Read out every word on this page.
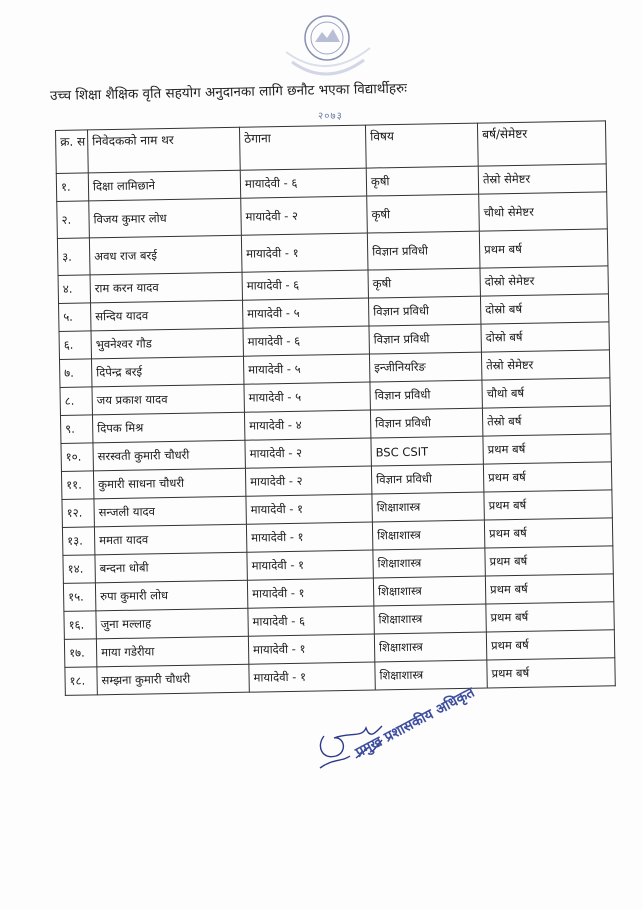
२०७३
उच्च शिक्षा शैक्षिक वृति सहयोग अनुदानका लागि छनौट भएका विद्यार्थीहरुः
क्र. स	निवेदकको नाम थर	ठेगाना	विषय	बर्ष/सेमेष्टर
१.	दिक्षा लामिछाने	मायादेवी - ६	कृषी	तेस्रो सेमेष्टर
२.	विजय कुमार लोध	मायादेवी - २	कृषी	चौथो सेमेष्टर
३.	अवध राज बरई	मायादेवी - १	विज्ञान प्रविधी	प्रथम बर्ष
४.	राम करन यादव	मायादेवी - ६	कृषी	दोस्रो सेमेष्टर
५.	सन्दिय यादव	मायादेवी - ५	विज्ञान प्रविधी	दोस्रो बर्ष
६.	भुवनेश्वर गौड	मायादेवी - ६	विज्ञान प्रविधी	दोस्रो बर्ष
७.	दिपेन्द्र बरई	मायादेवी - ५	इन्जीनियरिङ	तेस्रो सेमेष्टर
८.	जय प्रकाश यादव	मायादेवी - ५	विज्ञान प्रविधी	चौथो बर्ष
९.	दिपक मिश्र	मायादेवी - ४	विज्ञान प्रविधी	तेस्रो बर्ष
१०.	सरस्वती कुमारी चौधरी	मायादेवी - २	BSC CSIT	प्रथम बर्ष
११.	कुमारी साधना चौधरी	मायादेवी - २	विज्ञान प्रविधी	प्रथम बर्ष
१२.	सन्जली यादव	मायादेवी - १	शिक्षाशास्त्र	प्रथम बर्ष
१३.	ममता यादव	मायादेवी - १	शिक्षाशास्त्र	प्रथम बर्ष
१४.	बन्दना धोबी	मायादेवी - १	शिक्षाशास्त्र	प्रथम बर्ष
१५.	रुपा कुमारी लोध	मायादेवी - १	शिक्षाशास्त्र	प्रथम बर्ष
१६.	जुना मल्लाह	मायादेवी - ६	शिक्षाशास्त्र	प्रथम बर्ष
१७.	माया गडेरीया	मायादेवी - १	शिक्षाशास्त्र	प्रथम बर्ष
१८.	सम्झना कुमारी चौधरी	मायादेवी - १	शिक्षाशास्त्र	प्रथम बर्ष
प्रमुख प्रशासकीय अधिकृत
